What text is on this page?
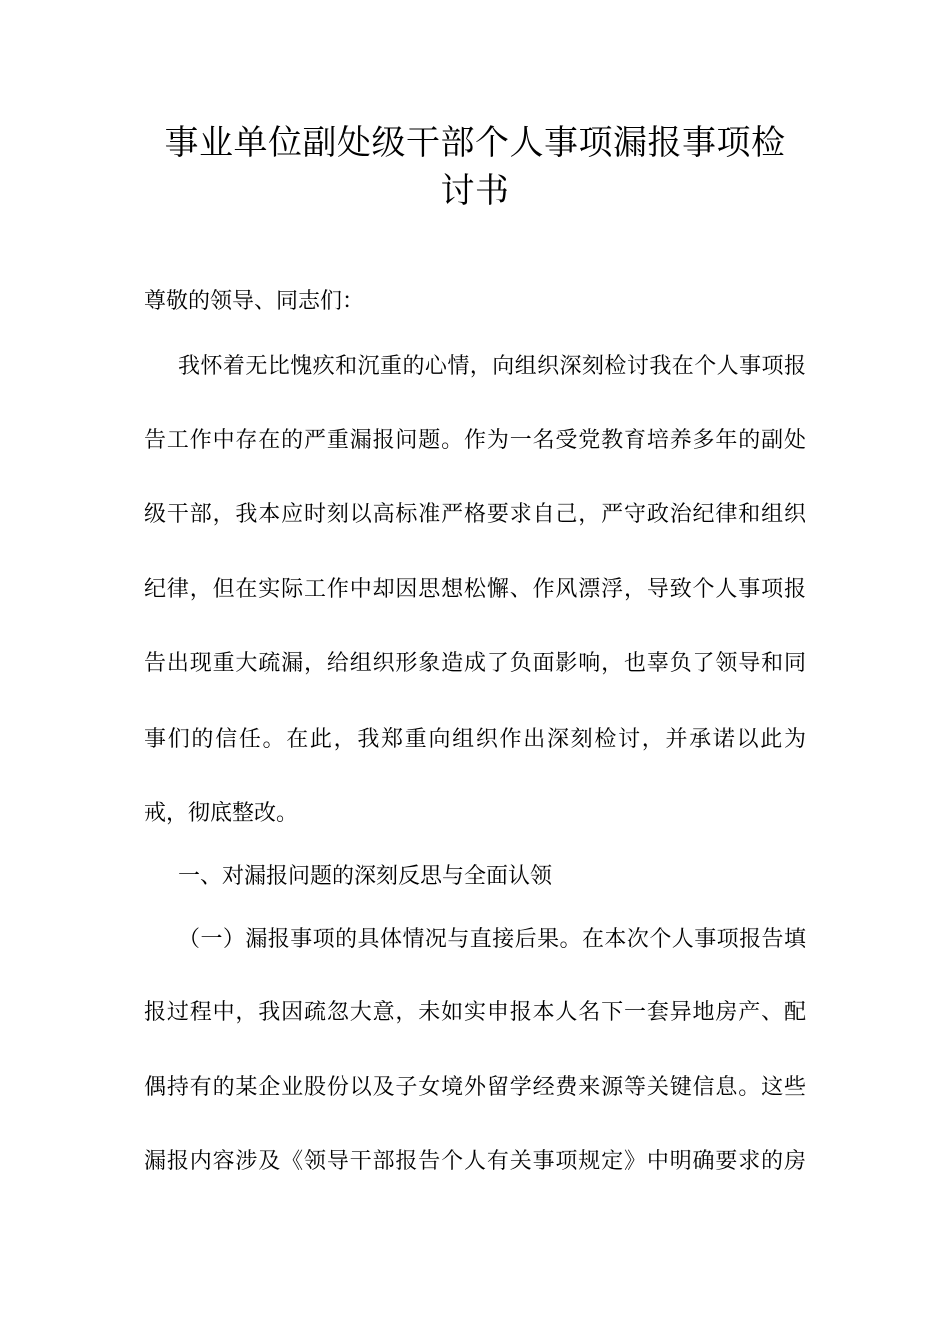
事业单位副处级干部个人事项漏报事项检
讨书
尊敬的领导、同志们：
我怀着无比愧疚和沉重的心情，向组织深刻检讨我在个人事项报
告工作中存在的严重漏报问题。作为一名受党教育培养多年的副处
级干部，我本应时刻以高标准严格要求自己，严守政治纪律和组织
纪律，但在实际工作中却因思想松懈、作风漂浮，导致个人事项报
告出现重大疏漏，给组织形象造成了负面影响，也辜负了领导和同
事们的信任。在此，我郑重向组织作出深刻检讨，并承诺以此为
戒，彻底整改。
一、对漏报问题的深刻反思与全面认领
（一）漏报事项的具体情况与直接后果。在本次个人事项报告填
报过程中，我因疏忽大意，未如实申报本人名下一套异地房产、配
偶持有的某企业股份以及子女境外留学经费来源等关键信息。这些
漏报内容涉及《领导干部报告个人有关事项规定》中明确要求的房
